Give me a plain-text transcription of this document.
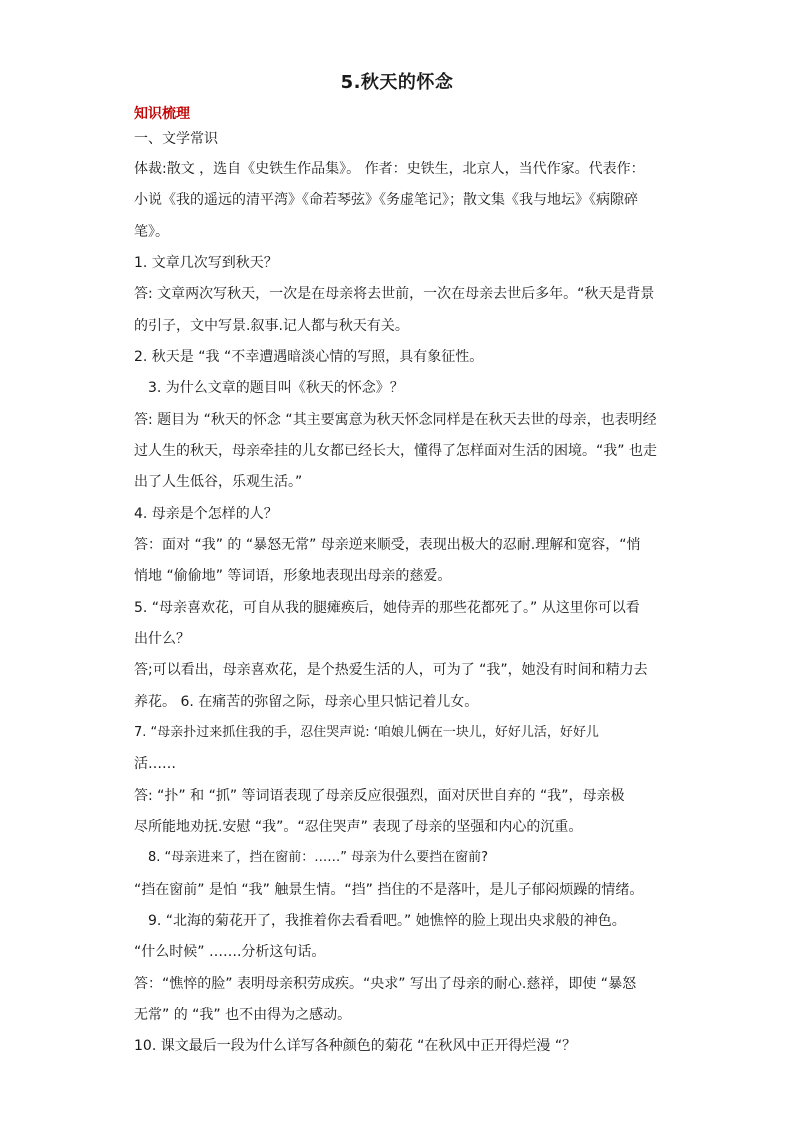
5.秋天的怀念
知识梳理
一、文学常识
体裁:散文 ，选自《史铁生作品集》。 作者：史铁生，北京人，当代作家。代表作：
小说《我的遥远的清平湾》《命若琴弦》《务虚笔记》；散文集《我与地坛》《病隙碎
笔》。
1. 文章几次写到秋天？
答: 文章两次写秋天，一次是在母亲将去世前，一次在母亲去世后多年。“秋天是背景
的引子，文中写景.叙事.记人都与秋天有关。
2. 秋天是 “我 “不幸遭遇暗淡心情的写照，具有象征性。
3. 为什么文章的题目叫《秋天的怀念》？
答: 题目为 “秋天的怀念 “其主要寓意为秋天怀念同样是在秋天去世的母亲，也表明经
过人生的秋天，母亲牵挂的儿女都已经长大，懂得了怎样面对生活的困境。“我” 也走
出了人生低谷，乐观生活。”
4. 母亲是个怎样的人？
答：面对 “我” 的 “暴怒无常” 母亲逆来顺受，表现出极大的忍耐.理解和宽容，“悄
悄地 “偷偷地” 等词语，形象地表现出母亲的慈爱。
5. “母亲喜欢花，可自从我的腿瘫痪后，她侍弄的那些花都死了。” 从这里你可以看
出什么？
答;可以看出，母亲喜欢花，是个热爱生活的人，可为了 “我”，她没有时间和精力去
养花。 6. 在痛苦的弥留之际，母亲心里只惦记着儿女。
7. “母亲扑过来抓住我的手，忍住哭声说: ‘咱娘儿俩在一块儿，好好儿活，好好儿
活……
答: “扑” 和 “抓” 等词语表现了母亲反应很强烈，面对厌世自弃的 “我”，母亲极
尽所能地劝抚.安慰 “我”。“忍住哭声” 表现了母亲的坚强和内心的沉重。
8. “母亲进来了，挡在窗前：……” 母亲为什么要挡在窗前?
“挡在窗前” 是怕 “我” 触景生情。“挡” 挡住的不是落叶，是儿子郁闷烦躁的情绪。
9. “北海的菊花开了，我推着你去看看吧。” 她憔悴的脸上现出央求般的神色。
“什么时候” …….分析这句话。
答：“憔悴的脸” 表明母亲积劳成疾。“央求” 写出了母亲的耐心.慈祥，即使 “暴怒
无常” 的 “我” 也不由得为之感动。
10. 课文最后一段为什么详写各种颜色的菊花 “在秋风中正开得烂漫 “？
